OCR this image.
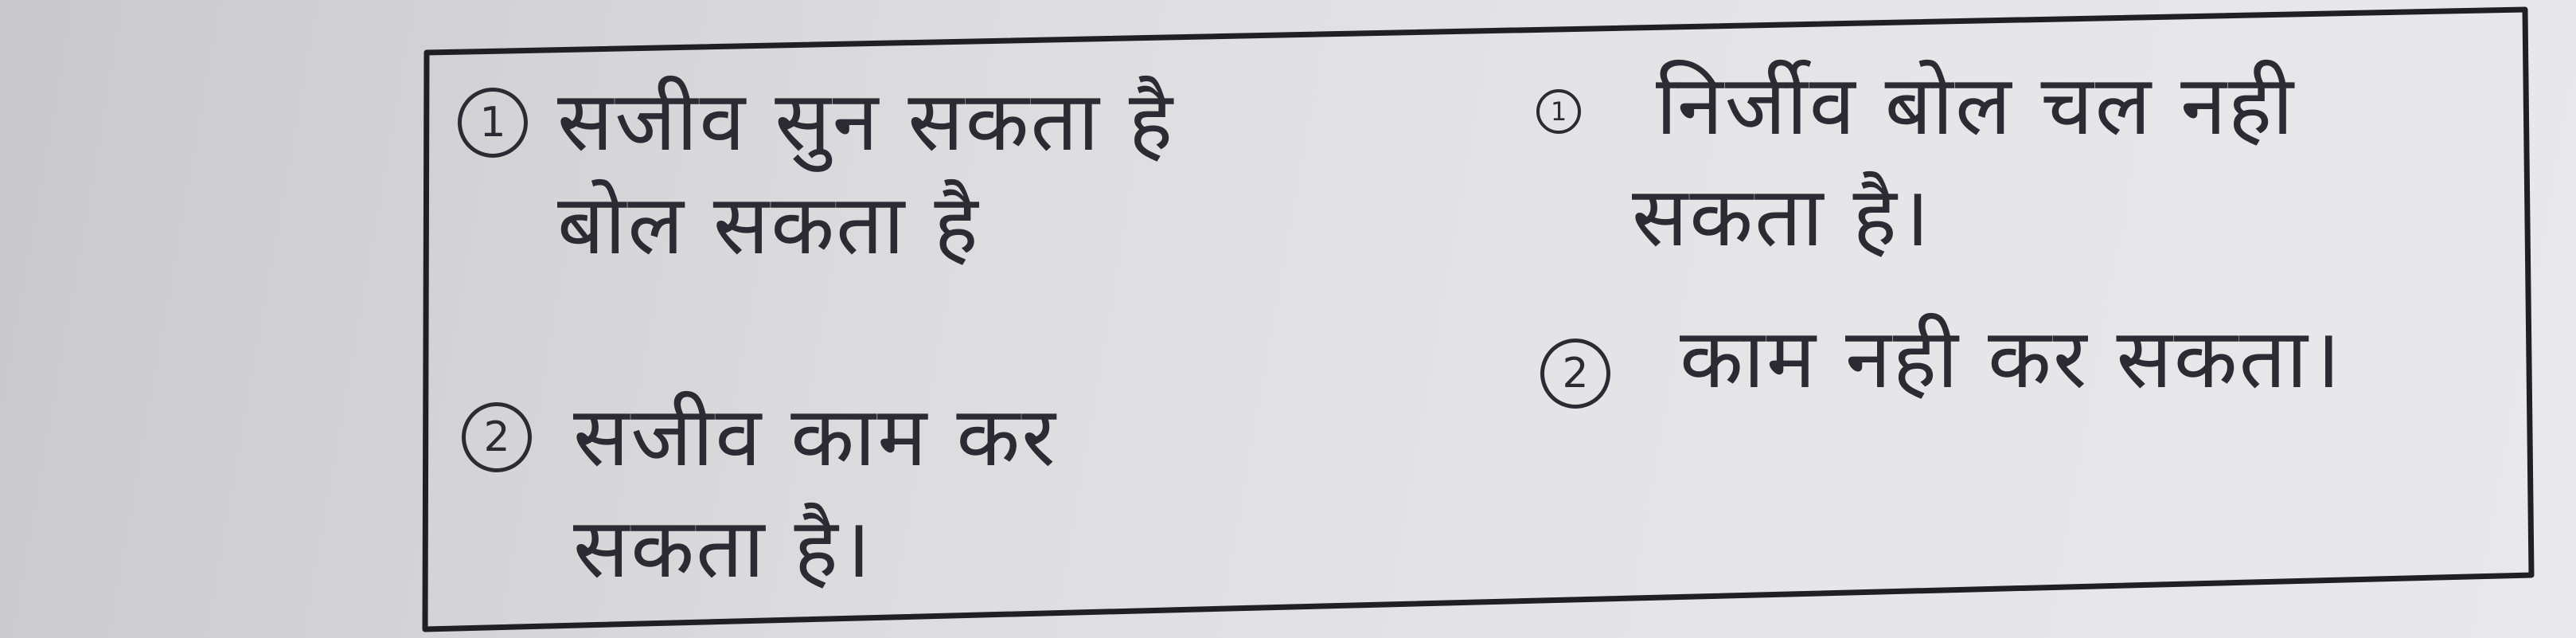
1 सजीव सुन सकता है
बोल सकता है
2 सजीव काम कर
सकता है।
1 निर्जीव बोल चल नही
सकता है।
2 काम नही कर सकता।
